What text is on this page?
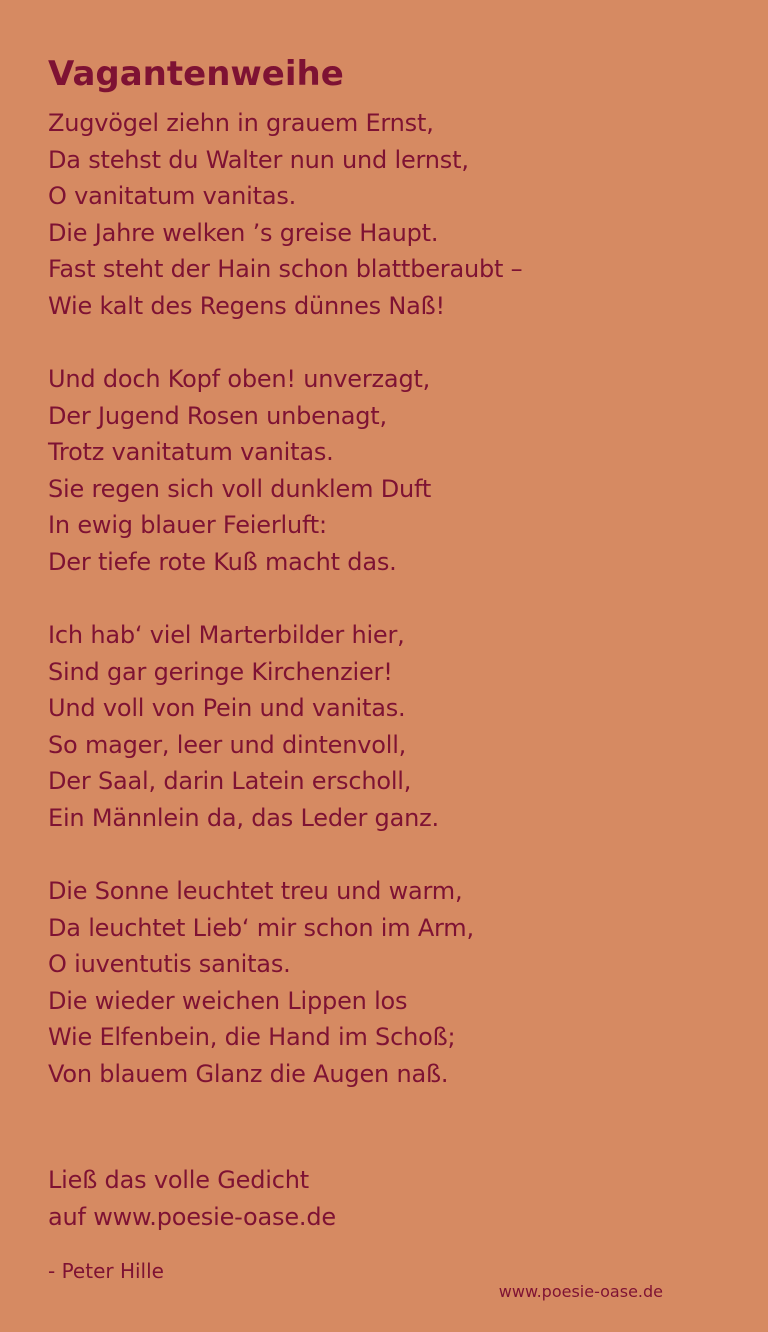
Vagantenweihe
Zugvögel ziehn in grauem Ernst,
Da stehst du Walter nun und lernst,
O vanitatum vanitas.
Die Jahre welken ’s greise Haupt.
Fast steht der Hain schon blattberaubt –
Wie kalt des Regens dünnes Naß!
Und doch Kopf oben! unverzagt,
Der Jugend Rosen unbenagt,
Trotz vanitatum vanitas.
Sie regen sich voll dunklem Duft
In ewig blauer Feierluft:
Der tiefe rote Kuß macht das.
Ich hab‘ viel Marterbilder hier,
Sind gar geringe Kirchenzier!
Und voll von Pein und vanitas.
So mager, leer und dintenvoll,
Der Saal, darin Latein erscholl,
Ein Männlein da, das Leder ganz.
Die Sonne leuchtet treu und warm,
Da leuchtet Lieb‘ mir schon im Arm,
O iuventutis sanitas.
Die wieder weichen Lippen los
Wie Elfenbein, die Hand im Schoß;
Von blauem Glanz die Augen naß.
Ließ das volle Gedicht
auf www.poesie-oase.de
- Peter Hille
www.poesie-oase.de
